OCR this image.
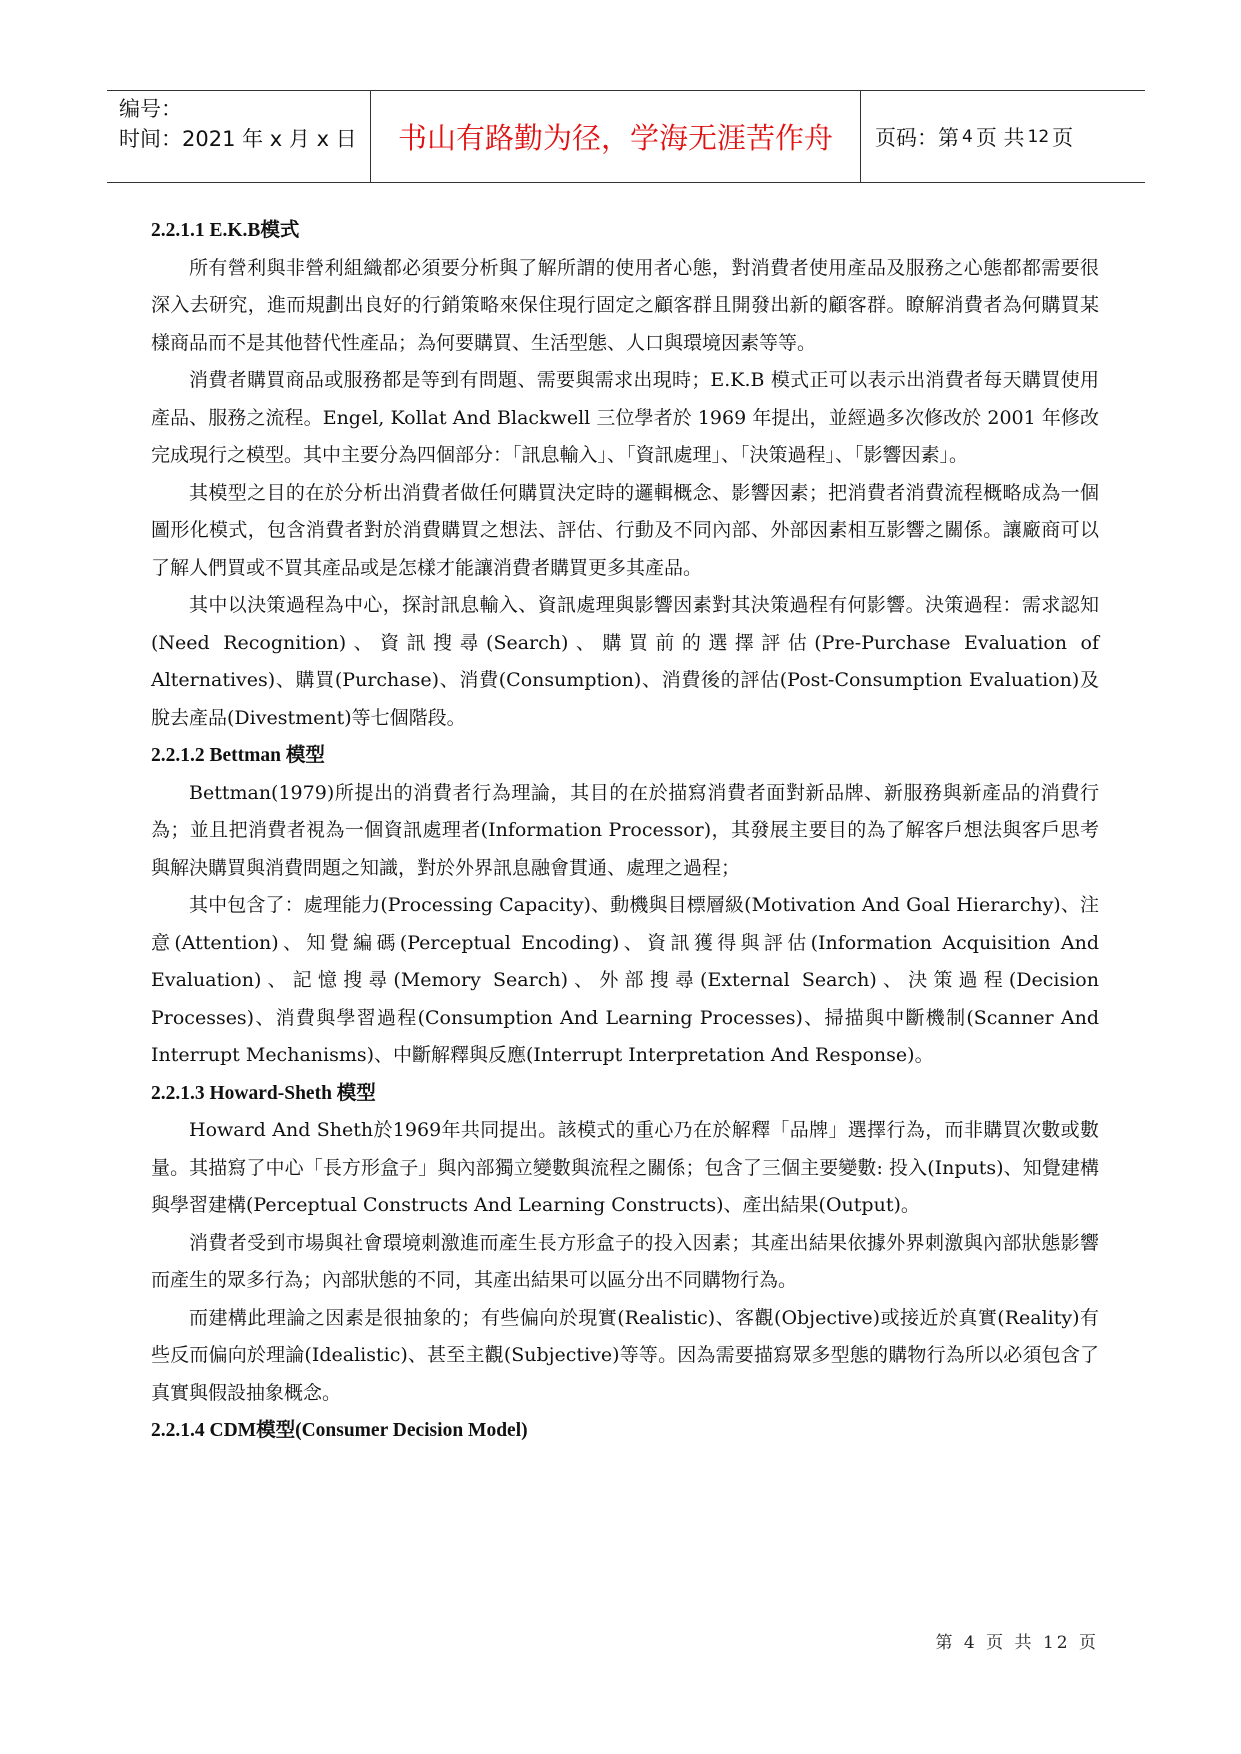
编号：
时间：2021 年 x 月 x 日	书山有路勤为径，学海无涯苦作舟	页码：第 4 页 共 12 页
2.2.1.1 E.K.B模式

所有營利與非營利組織都必須要分析與了解所謂的使用者心態，對消費者使用產品及服務之心態都都需要很深入去研究，進而規劃出良好的行銷策略來保住現行固定之顧客群且開發出新的顧客群。瞭解消費者為何購買某樣商品而不是其他替代性產品；為何要購買、生活型態、人口與環境因素等等。

消費者購買商品或服務都是等到有問題、需要與需求出現時；E.K.B 模式正可以表示出消費者每天購買使用產品、服務之流程。Engel, Kollat And Blackwell 三位學者於 1969 年提出，並經過多次修改於 2001 年修改完成現行之模型。其中主要分為四個部分：「訊息輸入」、「資訊處理」、「決策過程」、「影響因素」。

其模型之目的在於分析出消費者做任何購買決定時的邏輯概念、影響因素；把消費者消費流程概略成為一個圖形化模式，包含消費者對於消費購買之想法、評估、行動及不同內部、外部因素相互影響之關係。讓廠商可以了解人們買或不買其產品或是怎樣才能讓消費者購買更多其產品。

其中以決策過程為中心，探討訊息輸入、資訊處理與影響因素對其決策過程有何影響。決策過程：需求認知(Need Recognition)、資訊搜尋(Search)、購買前的選擇評估(Pre-Purchase Evaluation of Alternatives)、購買(Purchase)、消費(Consumption)、消費後的評估(Post-Consumption Evaluation)及脫去產品(Divestment)等七個階段。

2.2.1.2 Bettman 模型

Bettman(1979)所提出的消費者行為理論，其目的在於描寫消費者面對新品牌、新服務與新產品的消費行為；並且把消費者視為一個資訊處理者(Information Processor)，其發展主要目的為了解客戶想法與客戶思考與解決購買與消費問題之知識，對於外界訊息融會貫通、處理之過程；

其中包含了：處理能力(Processing Capacity)、動機與目標層級(Motivation And Goal Hierarchy)、注意(Attention)、知覺編碼(Perceptual Encoding)、資訊獲得與評估(Information Acquisition And Evaluation)、記憶搜尋(Memory Search)、外部搜尋(External Search)、決策過程(Decision Processes)、消費與學習過程(Consumption And Learning Processes)、掃描與中斷機制(Scanner And Interrupt Mechanisms)、中斷解釋與反應(Interrupt Interpretation And Response)。

2.2.1.3 Howard-Sheth 模型

Howard And Sheth於1969年共同提出。該模式的重心乃在於解釋「品牌」選擇行為，而非購買次數或數量。其描寫了中心「長方形盒子」與內部獨立變數與流程之關係；包含了三個主要變數: 投入(Inputs)、知覺建構與學習建構(Perceptual Constructs And Learning Constructs)、產出結果(Output)。

消費者受到市場與社會環境刺激進而產生長方形盒子的投入因素；其產出結果依據外界刺激與內部狀態影響而產生的眾多行為；內部狀態的不同，其產出結果可以區分出不同購物行為。

而建構此理論之因素是很抽象的；有些偏向於現實(Realistic)、客觀(Objective)或接近於真實(Reality)有些反而偏向於理論(Idealistic)、甚至主觀(Subjective)等等。因為需要描寫眾多型態的購物行為所以必須包含了真實與假設抽象概念。

2.2.1.4 CDM模型(Consumer Decision Model)
第 4 页 共 12 页
